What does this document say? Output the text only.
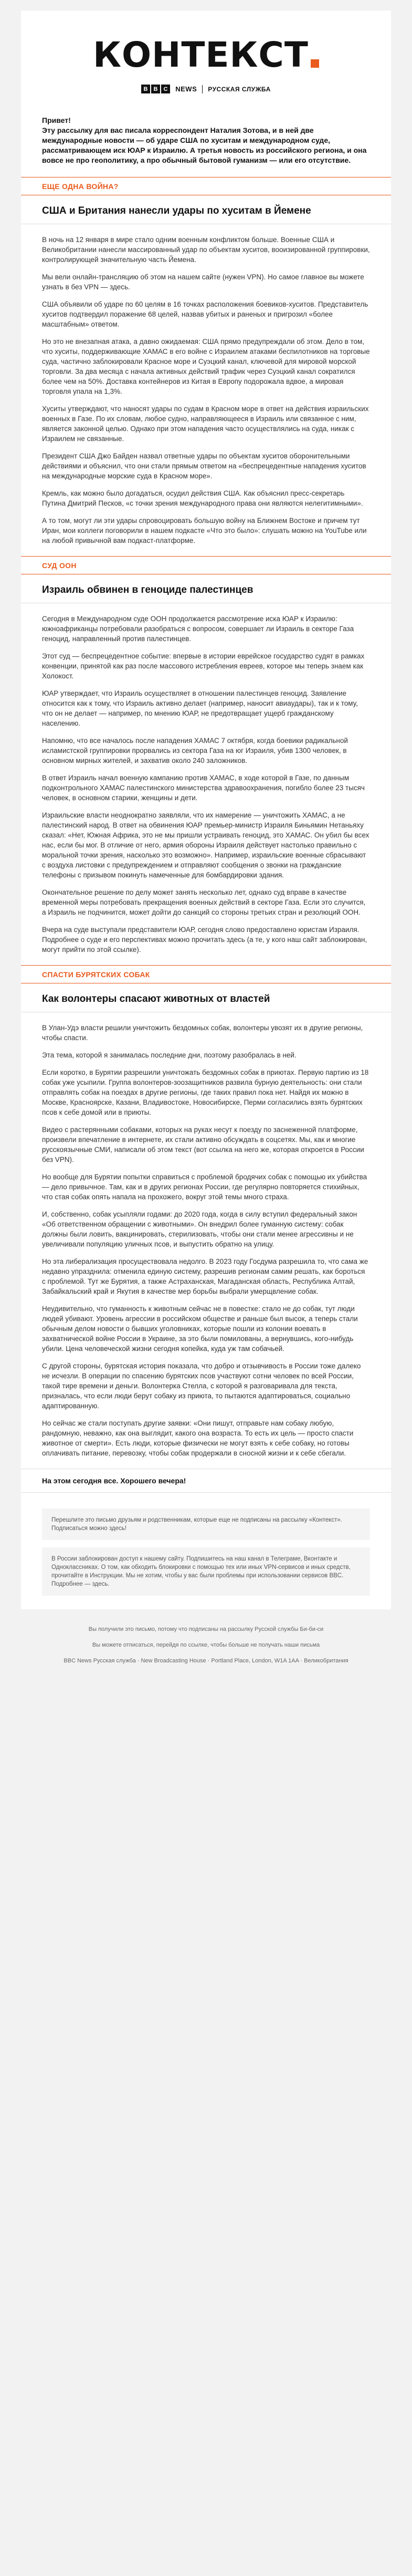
КОНТЕКСТ
B B C	NEWS РУССКАЯ СЛУЖБА
Привет!
Эту рассылку для вас писала корреспондент Наталия Зотова, и в ней две международные новости — об ударе США по хуситам и международном суде, рассматривающем иск ЮАР к Израилю. А третья новость из российского региона, и она вовсе не про геополитику, а про обычный бытовой гуманизм — или его отсутствие.
ЕЩЕ ОДНА ВОЙНА?
США и Британия нанесли удары по хуситам в Йемене

В ночь на 12 января в мире стало одним военным конфликтом больше. Военные США и Великобритании нанесли массированный удар по объектам хуситов, вооизированной группировки, контролирующей значительную часть Йемена.

Мы вели онлайн-трансляцию об этом на нашем сайте (нужен VPN). Но самое главное вы можете узнать в без VPN — здесь.

США объявили об ударе по 60 целям в 16 точках расположения боевиков-хуситов. Представитель хуситов подтвердил поражение 68 целей, назвав убитых и раненых и пригрозил «более масштабным» ответом.

Но это не внезапная атака, а давно ожидаемая: США прямо предупреждали об этом. Дело в том, что хуситы, поддерживающие ХАМАС в его войне с Израилем атаками беспилотников на торговые суда, частично заблокировали Красное море и Суэцкий канал, ключевой для мировой морской торговли. За два месяца с начала активных действий трафик через Суэцкий канал сократился более чем на 50%. Доставка контейнеров из Китая в Европу подорожала вдвое, а мировая торговля упала на 1,3%.

Хуситы утверждают, что наносят удары по судам в Красном море в ответ на действия израильских военных в Газе. По их словам, любое судно, направляющееся в Израиль или связанное с ним, является законной целью. Однако при этом нападения часто осуществлялись на суда, никак с Израилем не связанные.

Президент США Джо Байден назвал ответные удары по объектам хуситов оборонительными действиями и объяснил, что они стали прямым ответом на «беспрецедентные нападения хуситов на международные морские суда в Красном море».

Кремль, как можно было догадаться, осудил действия США. Как объяснил пресс-секретарь Путина Дмитрий Песков, «с точки зрения международного права они являются нелегитимными».

А то том, могут ли эти удары спровоцировать большую войну на Ближнем Востоке и причем тут Иран, мои коллеги поговорили в нашем подкасте «Что это было»: слушать можно на YouTube или на любой привычной вам подкаст-платформе.

СУД ООН
Израиль обвинен в геноциде палестинцев

Сегодня в Международном суде ООН продолжается рассмотрение иска ЮАР к Израилю: южноафриканцы потребовали разобраться с вопросом, совершает ли Израиль в секторе Газа геноцид, направленный против палестинцев.

Этот суд — беспрецедентное событие: впервые в истории еврейское государство судят в рамках конвенции, принятой как раз после массового истребления евреев, которое мы теперь знаем как Холокост.

ЮАР утверждает, что Израиль осуществляет в отношении палестинцев геноцид. Заявление относится как к тому, что Израиль активно делает (например, наносит авиаудары), так и к тому, что он не делает — например, по мнению ЮАР, не предотвращает ущерб гражданскому населению.

Напомню, что все началось после нападения ХАМАС 7 октября, когда боевики радикальной исламистской группировки прорвались из сектора Газа на юг Израиля, убив 1300 человек, в основном мирных жителей, и захватив около 240 заложников.

В ответ Израиль начал военную кампанию против ХАМАС, в ходе которой в Газе, по данным подконтрольного ХАМАС палестинского министерства здравоохранения, погибло более 23 тысяч человек, в основном старики, женщины и дети.

Израильские власти неоднократно заявляли, что их намерение — уничтожить ХАМАС, а не палестинский народ. В ответ на обвинения ЮАР премьер-министр Израиля Биньямин Нетаньяху сказал: «Нет, Южная Африка, это не мы пришли устраивать геноцид, это ХАМАС. Он убил бы всех нас, если бы мог. В отличие от него, армия обороны Израиля действует настолько правильно с моральной точки зрения, насколько это возможно». Например, израильские военные сбрасывают с воздуха листовки с предупреждением и отправляют сообщения о звонки на гражданские телефоны с призывом покинуть намеченные для бомбардировки здания.

Окончательное решение по делу может занять несколько лет, однако суд вправе в качестве временной меры потребовать прекращения военных действий в секторе Газа. Если это случится, а Израиль не подчинится, может дойти до санкций со стороны третьих стран и резолюций ООН.

Вчера на суде выступали представители ЮАР, сегодня слово предоставлено юристам Израиля. Подробнее о суде и его перспективах можно прочитать здесь (а те, у кого наш сайт заблокирован, могут прийти по этой ссылке).

СПАСТИ БУРЯТСКИХ СОБАК
Как волонтеры спасают животных от властей

В Улан-Удэ власти решили уничтожить бездомных собак, волонтеры увозят их в другие регионы, чтобы спасти.

Эта тема, которой я занималась последние дни, поэтому разобралась в ней.

Если коротко, в Бурятии разрешили уничтожать бездомных собак в приютах. Первую партию из 18 собак уже усыпили. Группа волонтеров-зоозащитников развила бурную деятельность: они стали отправлять собак на поездах в другие регионы, где таких правил пока нет. Найдя их можно в Москве, Красноярске, Казани, Владивостоке, Новосибирске, Перми согласились взять бурятских псов к себе домой или в приюты.

Видео с растерянными собаками, которых на руках несут к поезду по заснеженной платформе, произвели впечатление в интернете, их стали активно обсуждать в соцсетях. Мы, как и многие русскоязычные СМИ, написали об этом текст (вот ссылка на него же, которая откроется в России без VPN).

Но вообще для Бурятии попытки справиться с проблемой бродячих собак с помощью их убийства — дело привычное. Там, как и в других регионах России, где регулярно повторяется стихийных, что стая собак опять напала на прохожего, вокруг этой темы много страха.

И, собственно, собак усыпляли годами: до 2020 года, когда в силу вступил федеральный закон «Об ответственном обращении с животными». Он внедрил более гуманную систему: собак должны были ловить, вакцинировать, стерилизовать, чтобы они стали менее агрессивны и не увеличивали популяцию уличных псов, и выпустить обратно на улицу.

Но эта либерализация просуществовала недолго. В 2023 году Госдума разрешила то, что сама же недавно упразднила: отменила единую систему, разрешив регионам самим решать, как бороться с проблемой. Тут же Бурятия, а также Астраханская, Магаданская область, Республика Алтай, Забайкальский край и Якутия в качестве мер борьбы выбрали умерщвление собак.

Неудивительно, что гуманность к животным сейчас не в повестке: стало не до собак, тут люди людей убивают. Уровень агрессии в российском обществе и раньше был высок, а теперь стали обычным делом новости о бывших уголовниках, которые пошли из колонии воевать в захватнической войне России в Украине, за это были помилованы, а вернувшись, кого-нибудь убили. Цена человеческой жизни сегодня копейка, куда уж там собачьей.

С другой стороны, бурятская история показала, что добро и отзывчивость в России тоже далеко не исчезли. В операции по спасению бурятских псов участвуют сотни человек по всей России, такой тире времени и деньги. Волонтерка Стелла, с которой я разговаривала для текста, призналась, что если люди берут собаку из приюта, то пытаются адаптироваться, социально адаптированную.

Но сейчас же стали поступать другие заявки: «Они пишут, отправьте нам собаку любую, рандомную, неважно, как она выглядит, какого она возраста. То есть их цель — просто спасти животное от смерти». Есть люди, которые физически не могут взять к себе собаку, но готовы оплачивать питание, перевозку, чтобы собак продержали в сносной жизни и к себе сбегали.

На этом сегодня все. Хорошего вечера!
Перешлите это письмо друзьям и родственникам, которые еще не подписаны на рассылку «Контекст». Подписаться можно здесь!
В России заблокирован доступ к нашему сайту. Подпишитесь на наш канал в Телеграме, Вконтакте и Одноклассниках. О том, как обходить блокировки с помощью тех или иных VPN-сервисов и иных средств, прочитайте в Инструкции. Мы не хотим, чтобы у вас были проблемы при использовании сервисов BBC. Подробнее — здесь.
Вы получили это письмо, потому что подписаны на рассылку Русской службы Би-би-си
Вы можете отписаться, перейдя по ссылке, чтобы больше не получать наши письма
BBC News Русская служба · New Broadcasting House · Portland Place, London, W1A 1AA · Великобритания
